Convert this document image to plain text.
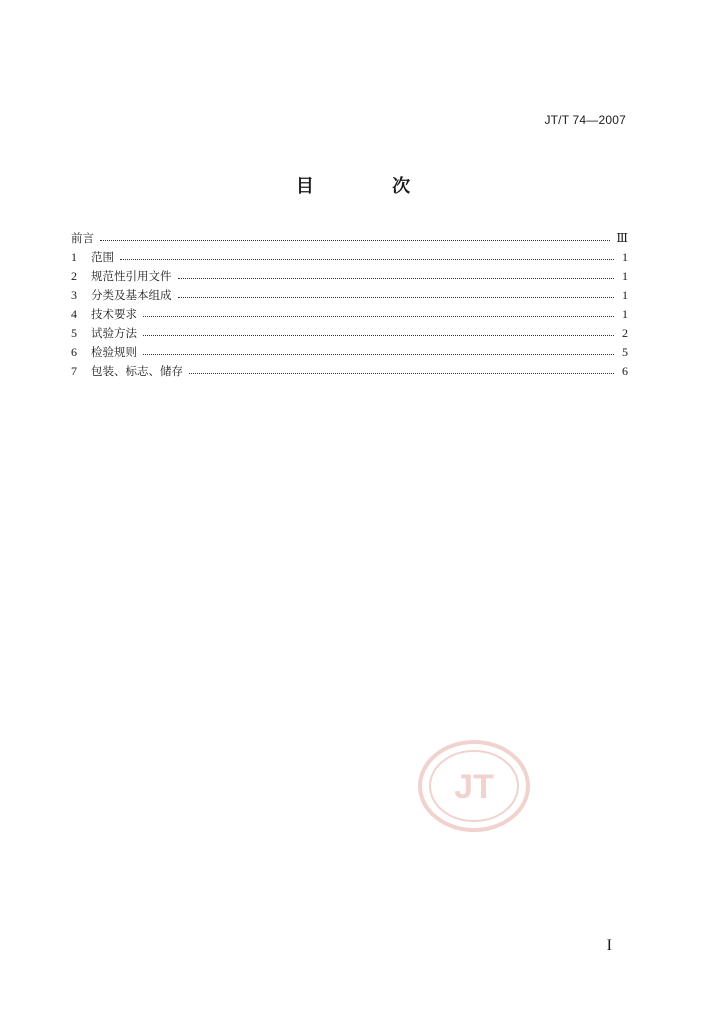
JT/T 74—2007
目 次
前言	Ⅲ
1	范围	1
2	规范性引用文件	1
3	分类及基本组成	1
4	技术要求	1
5	试验方法	2
6	检验规则	5
7	包装、标志、储存	6
JT
I
